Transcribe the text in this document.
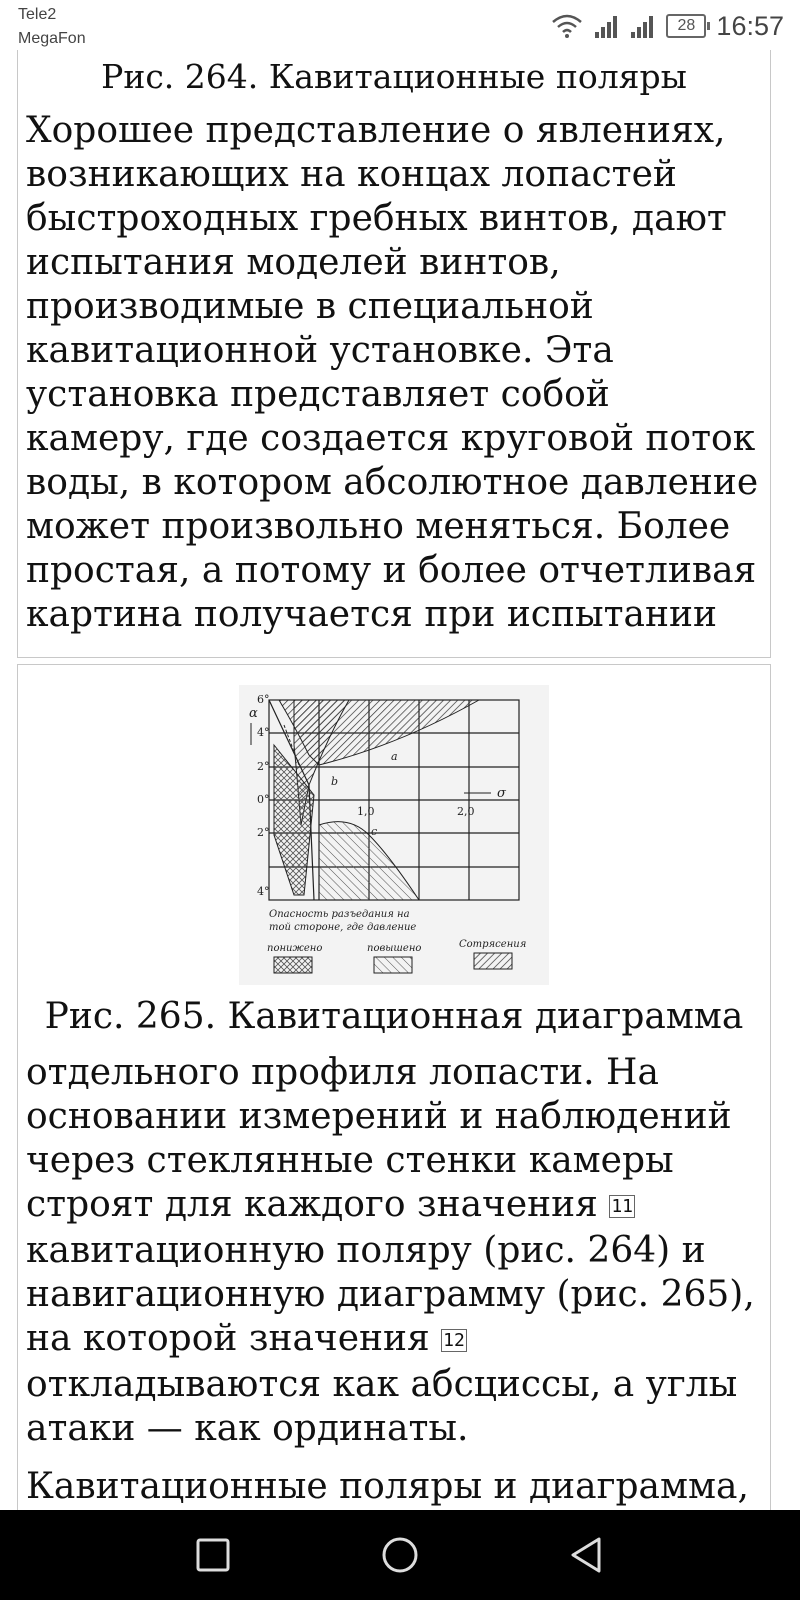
Рис. 264. Кавитационные поляры
Хорошее представление о явлениях, возникающих на концах лопастей быстроходных гребных винтов, дают испытания моделей винтов, производимые в специальной кавитационной установке. Эта установка представляет собой камеру, где создается круговой поток воды, в котором абсолютное давление может произвольно меняться. Более простая, а потому и более отчетливая картина получается при испытании
6°
4°
2°
0°
2°
4°
α
1,0	2,0
σ
a
b
c
Опасность разъедания на
той стороне, где давление
понижено	повышено	Сотрясения
Рис. 265. Кавитационная диаграмма
отдельного профиля лопасти. На основании измерений и наблюдений через стеклянные стенки камеры строят для каждого значения 11 кавитационную поляру (рис. 264) и навигационную диаграмму (рис. 265), на которой значения 12 откладываются как абсциссы, а углы атаки — как ординаты.
Кавитационные поляры и диаграмма,
Tele2
MegaFon
28 16:57
